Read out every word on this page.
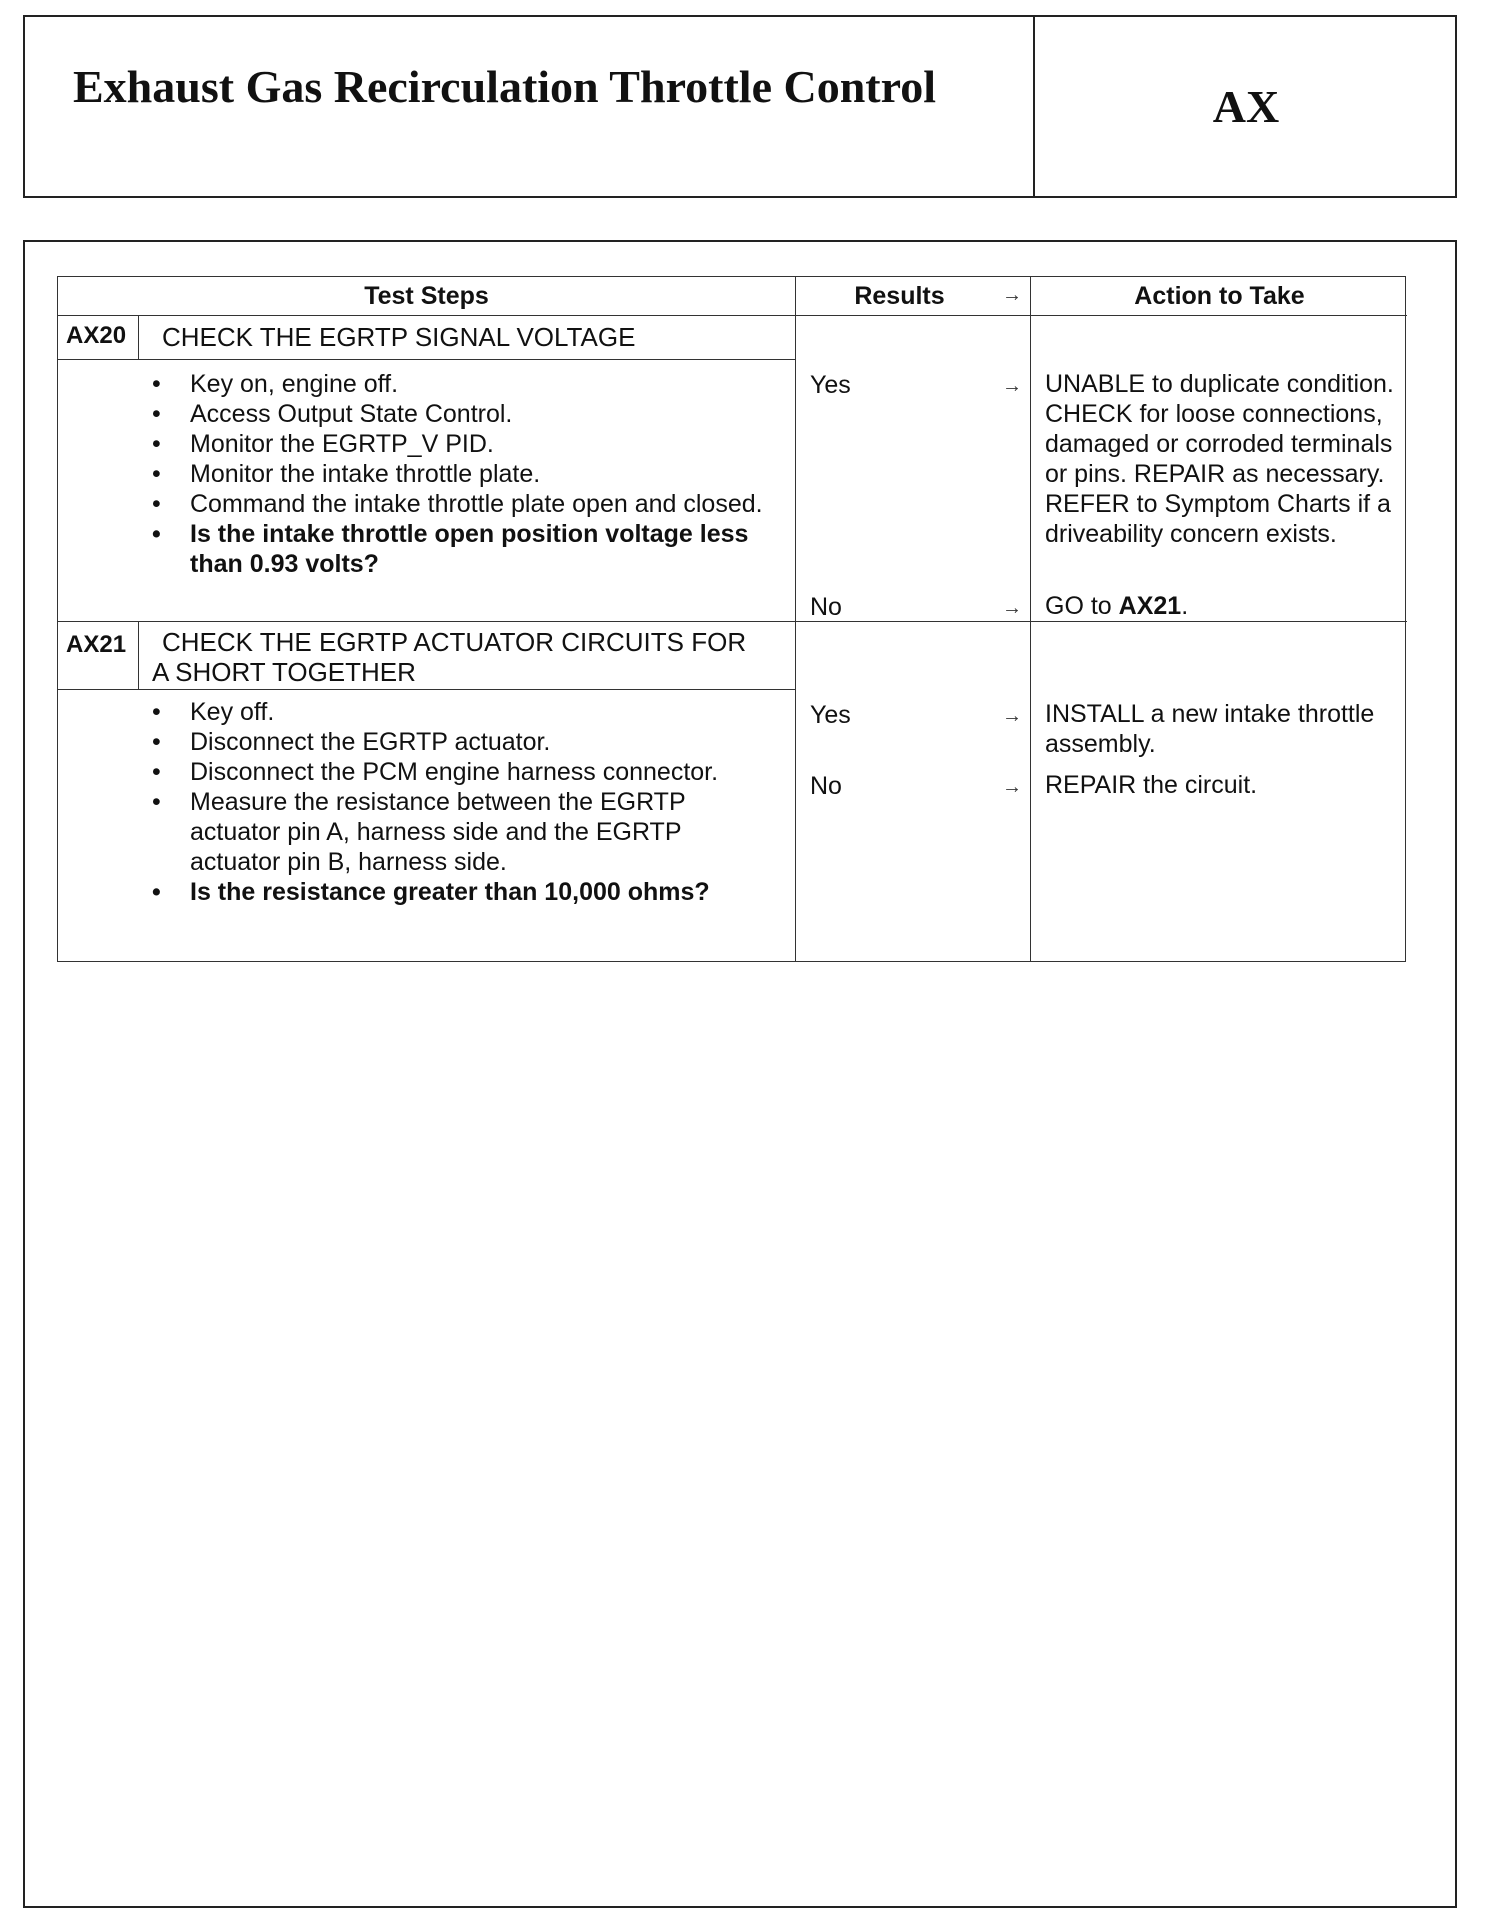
Exhaust Gas Recirculation Throttle Control	AX
Test Steps	Results	→	Action to Take
AX20 CHECK THE EGRTP SIGNAL VOLTAGE

• Key on, engine off.
• Access Output State Control.
• Monitor the EGRTP_V PID.
• Monitor the intake throttle plate.
• Command the intake throttle plate open and closed.
• Is the intake throttle open position voltage less than 0.93 volts?
Yes	→ UNABLE to duplicate condition. CHECK for loose connections, damaged or corroded terminals or pins. REPAIR as necessary. REFER to Symptom Charts if a driveability concern exists.

No	→ GO to AX21.

AX21	CHECK THE EGRTP ACTUATOR CIRCUITS FOR A SHORT TOGETHER

• Key off.
• Disconnect the EGRTP actuator.
• Disconnect the PCM engine harness connector.
• Measure the resistance between the EGRTP actuator pin A, harness side and the EGRTP actuator pin B, harness side.
• Is the resistance greater than 10,000 ohms?
Yes	→ INSTALL a new intake throttle assembly.

No	→ REPAIR the circuit.
